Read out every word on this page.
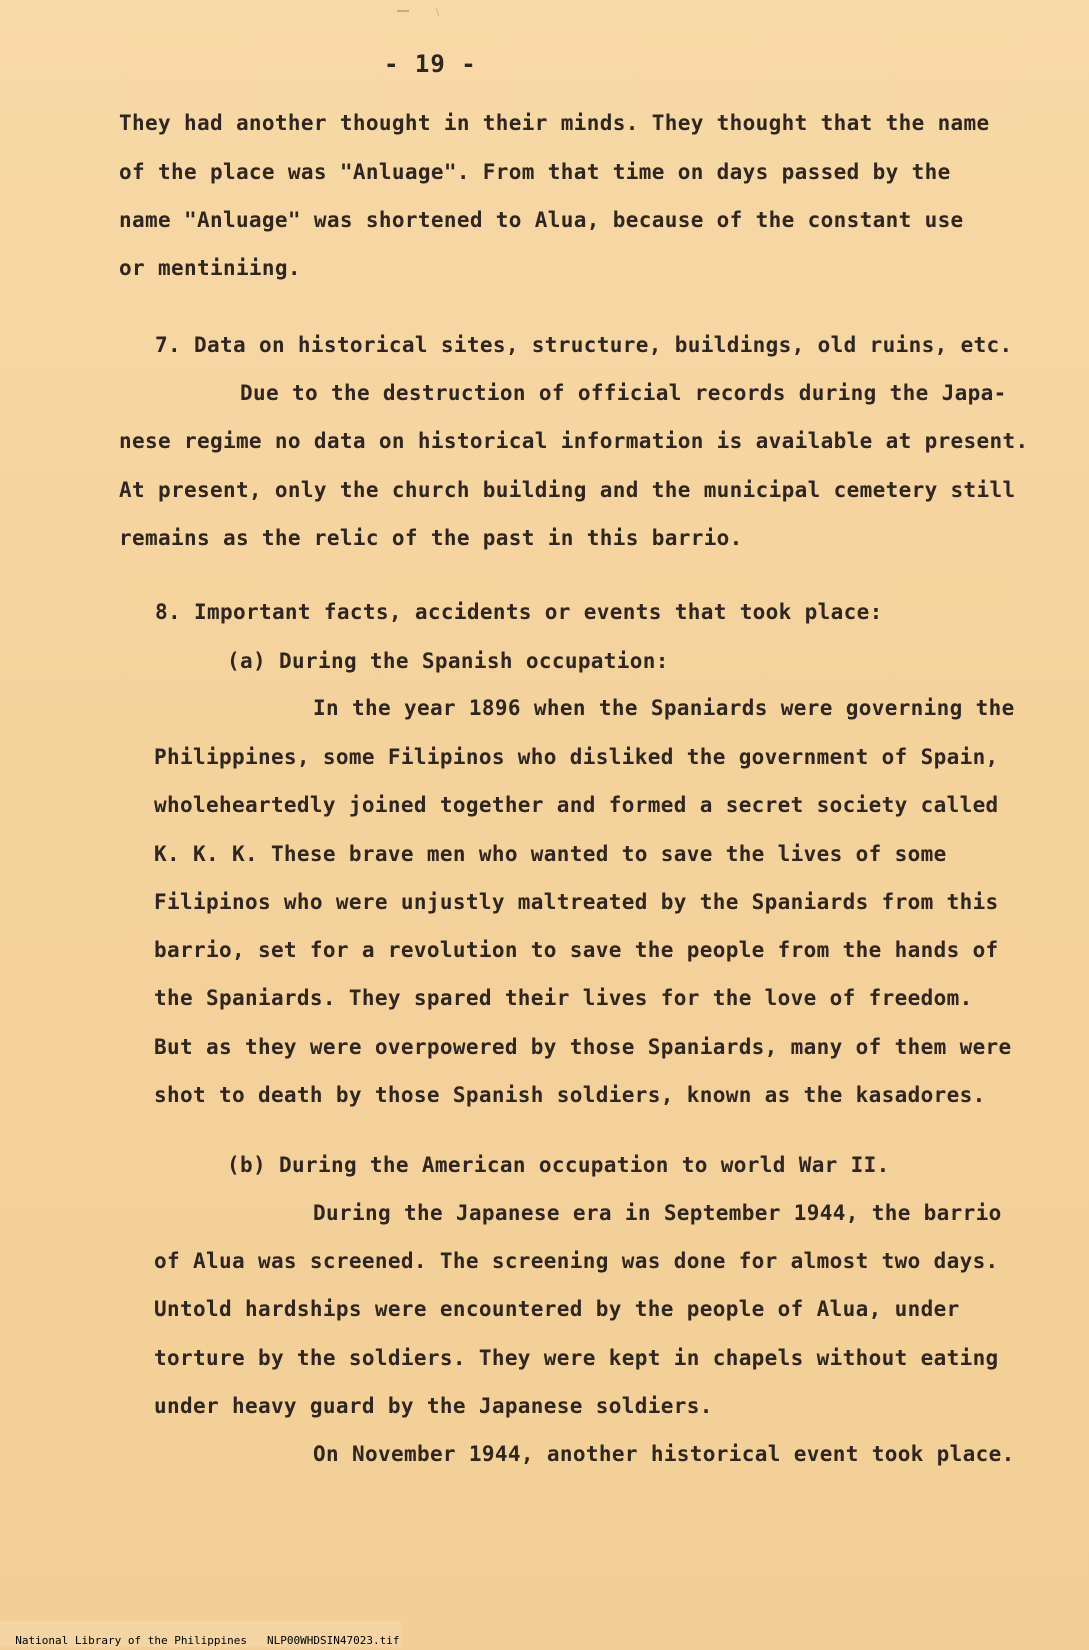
- 19 -
They had another thought in their minds. They thought that the name
of the place was "Anluage". From that time on days passed by the
name "Anluage" was shortened to Alua, because of the constant use
or mentiniing.
7. Data on historical sites, structure, buildings, old ruins, etc.
Due to the destruction of official records during the Japa-
nese regime no data on historical information is available at present.
At present, only the church building and the municipal cemetery still
remains as the relic of the past in this barrio.
8. Important facts, accidents or events that took place:
(a) During the Spanish occupation:
In the year 1896 when the Spaniards were governing the
Philippines, some Filipinos who disliked the government of Spain,
wholeheartedly joined together and formed a secret society called
K. K. K. These brave men who wanted to save the lives of some
Filipinos who were unjustly maltreated by the Spaniards from this
barrio, set for a revolution to save the people from the hands of
the Spaniards. They spared their lives for the love of freedom.
But as they were overpowered by those Spaniards, many of them were
shot to death by those Spanish soldiers, known as the kasadores.
(b) During the American occupation to world War II.
During the Japanese era in September 1944, the barrio
of Alua was screened. The screening was done for almost two days.
Untold hardships were encountered by the people of Alua, under
torture by the soldiers. They were kept in chapels without eating
under heavy guard by the Japanese soldiers.
On November 1944, another historical event took place.

National Library of the Philippines NLP00WHDSIN47023.tif
